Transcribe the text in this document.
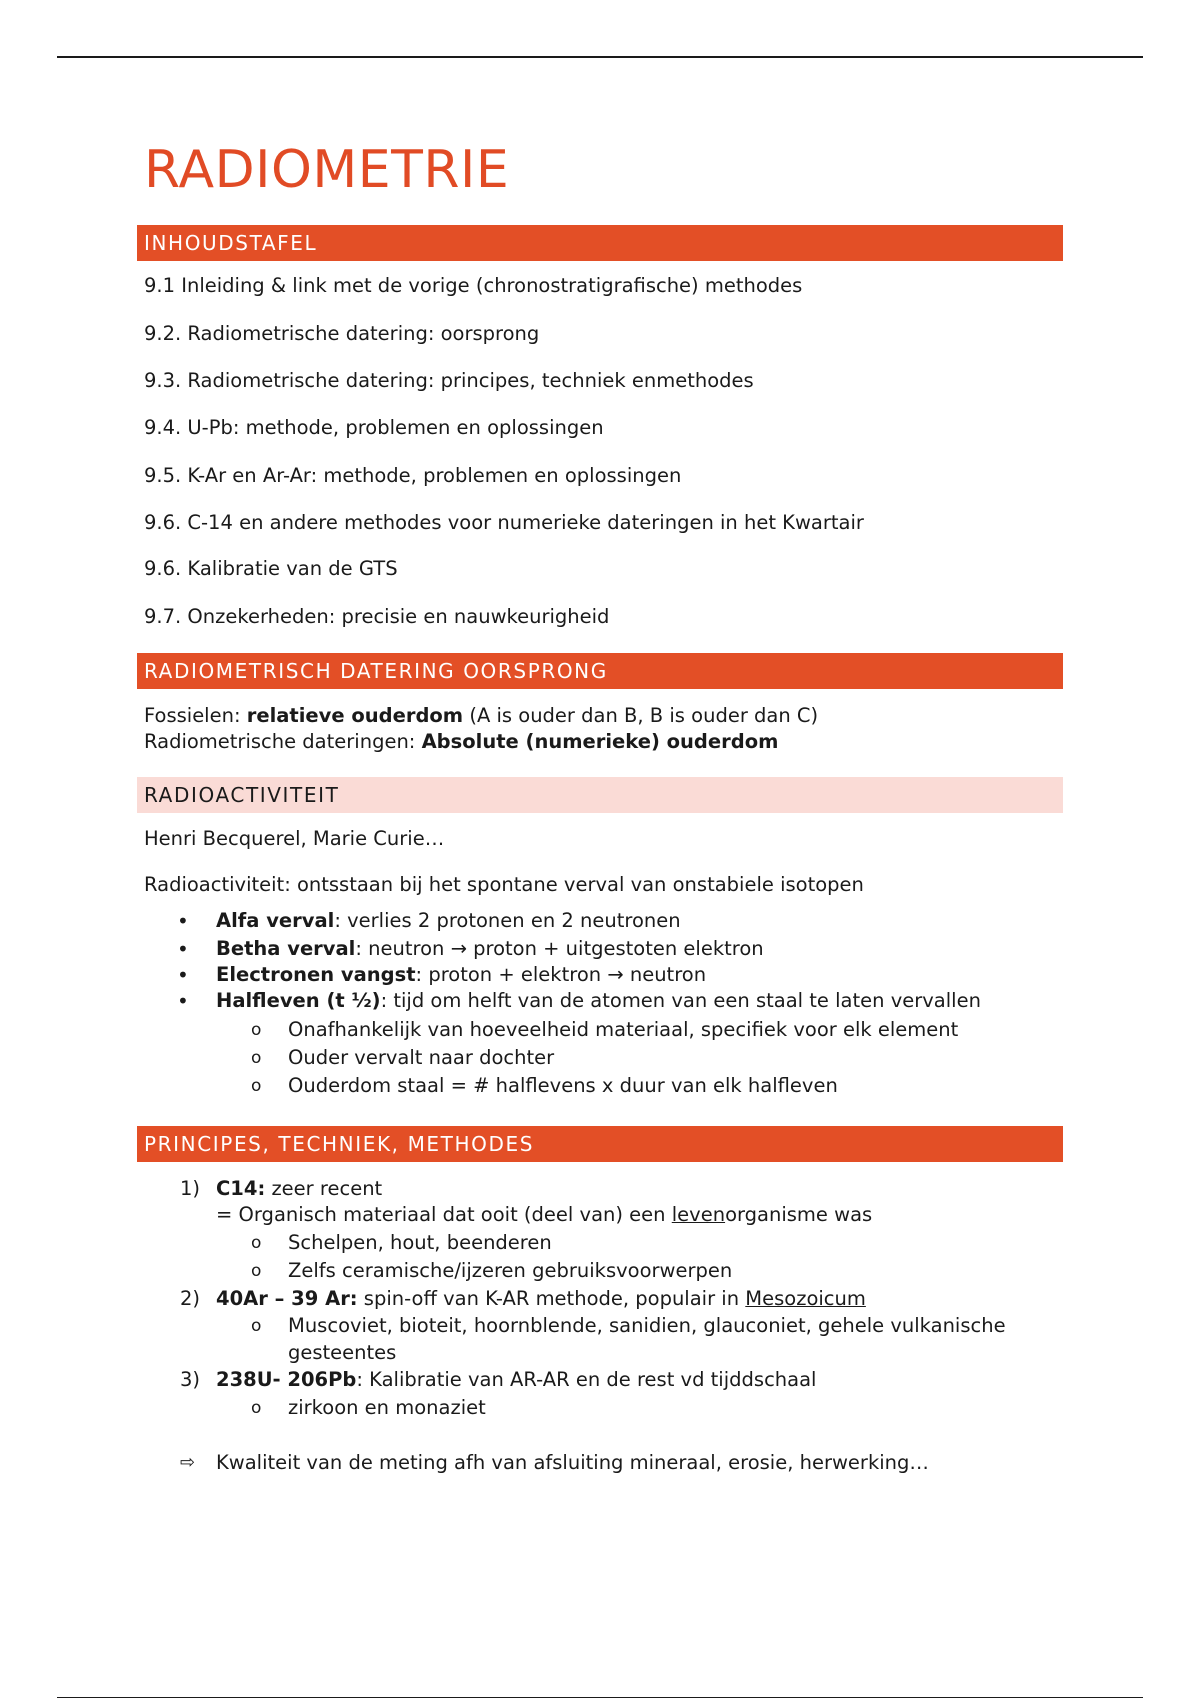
RADIOMETRIE
INHOUDSTAFEL
9.1 Inleiding & link met de vorige (chronostratigrafische) methodes
9.2. Radiometrische datering: oorsprong
9.3. Radiometrische datering: principes, techniek enmethodes
9.4. U-Pb: methode, problemen en oplossingen
9.5. K-Ar en Ar-Ar: methode, problemen en oplossingen
9.6. C-14 en andere methodes voor numerieke dateringen in het Kwartair
9.6. Kalibratie van de GTS
9.7. Onzekerheden: precisie en nauwkeurigheid
RADIOMETRISCH DATERING OORSPRONG
Fossielen: relatieve ouderdom (A is ouder dan B, B is ouder dan C)
Radiometrische dateringen: Absolute (numerieke) ouderdom
RADIOACTIVITEIT
Henri Becquerel, Marie Curie…
Radioactiviteit: ontsstaan bij het spontane verval van onstabiele isotopen
• Alfa verval: verlies 2 protonen en 2 neutronen
• Betha verval: neutron → proton + uitgestoten elektron
• Electronen vangst: proton + elektron → neutron
• Halfleven (t ½): tijd om helft van de atomen van een staal te laten vervallen
o Onafhankelijk van hoeveelheid materiaal, specifiek voor elk element
o Ouder vervalt naar dochter
o Ouderdom staal = # halflevens x duur van elk halfleven
PRINCIPES, TECHNIEK, METHODES
1) C14: zeer recent
= Organisch materiaal dat ooit (deel van) een levenorganisme was
o Schelpen, hout, beenderen
o Zelfs ceramische/ijzeren gebruiksvoorwerpen
2) 40Ar – 39 Ar: spin-off van K-AR methode, populair in Mesozoicum
o Muscoviet, bioteit, hoornblende, sanidien, glauconiet, gehele vulkanische
gesteentes
3) 238U- 206Pb: Kalibratie van AR-AR en de rest vd tijddschaal
o zirkoon en monaziet
⇨ Kwaliteit van de meting afh van afsluiting mineraal, erosie, herwerking…
